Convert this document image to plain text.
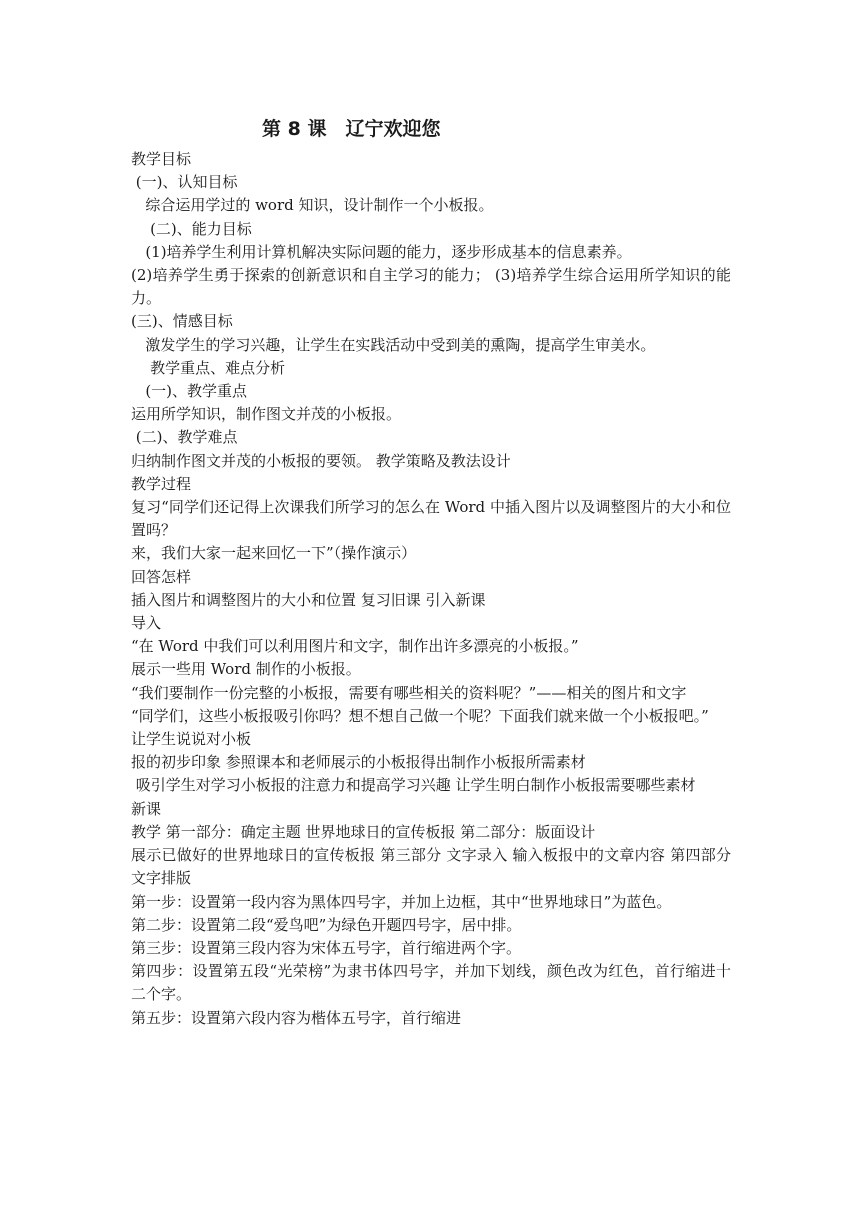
第 8 课　辽宁欢迎您
教学目标
(一)、认知目标
综合运用学过的 word 知识，设计制作一个小板报。
(二)、能力目标
(1)培养学生利用计算机解决实际问题的能力，逐步形成基本的信息素养。
(2)培养学生勇于探索的创新意识和自主学习的能力； (3)培养学生综合运用所学知识的能力。
(三)、情感目标
激发学生的学习兴趣，让学生在实践活动中受到美的熏陶，提高学生审美水。
教学重点、难点分析
(一)、教学重点
运用所学知识，制作图文并茂的小板报。
(二)、教学难点
归纳制作图文并茂的小板报的要领。 教学策略及教法设计
教学过程
复习“同学们还记得上次课我们所学习的怎么在 Word 中插入图片以及调整图片的大小和位置吗？
来，我们大家一起来回忆一下”（操作演示）
回答怎样
插入图片和调整图片的大小和位置 复习旧课 引入新课
导入
“在 Word 中我们可以利用图片和文字，制作出许多漂亮的小板报。”
展示一些用 Word 制作的小板报。
“我们要制作一份完整的小板报，需要有哪些相关的资料呢？”——相关的图片和文字
“同学们，这些小板报吸引你吗？想不想自己做一个呢？下面我们就来做一个小板报吧。”
让学生说说对小板
报的初步印象 参照课本和老师展示的小板报得出制作小板报所需素材
吸引学生对学习小板报的注意力和提高学习兴趣 让学生明白制作小板报需要哪些素材
新课
教学 第一部分：确定主题 世界地球日的宣传板报 第二部分：版面设计
展示已做好的世界地球日的宣传板报 第三部分 文字录入 输入板报中的文章内容 第四部分  文字排版
第一步：设置第一段内容为黑体四号字，并加上边框，其中“世界地球日”为蓝色。
第二步：设置第二段“爱鸟吧”为绿色开题四号字，居中排。
第三步：设置第三段内容为宋体五号字，首行缩进两个字。
第四步：设置第五段“光荣榜”为隶书体四号字，并加下划线，颜色改为红色，首行缩进十二个字。
第五步：设置第六段内容为楷体五号字，首行缩进
